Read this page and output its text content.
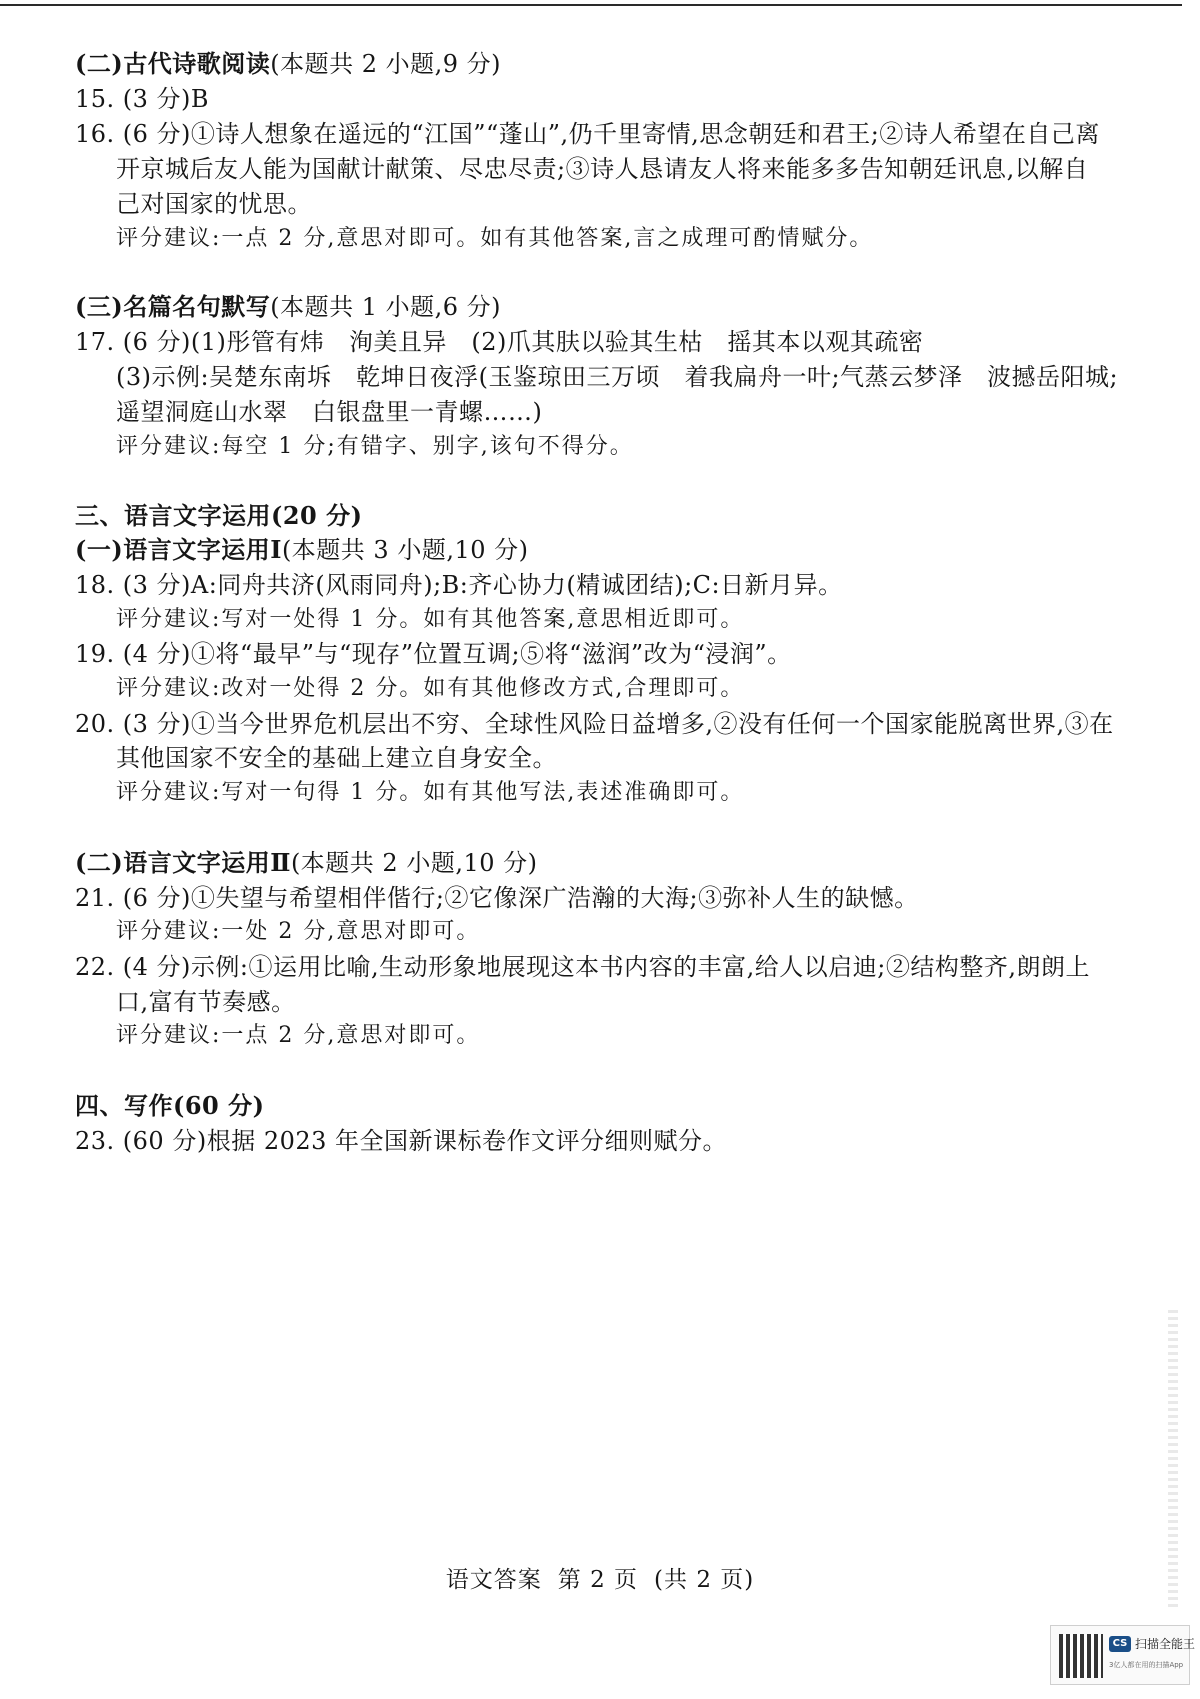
(二)古代诗歌阅读(本题共 2 小题,9 分)
15. (3 分)B
16. (6 分)①诗人想象在遥远的“江国”“蓬山”,仍千里寄情,思念朝廷和君王;②诗人希望在自己离
开京城后友人能为国献计献策、尽忠尽责;③诗人恳请友人将来能多多告知朝廷讯息,以解自
己对国家的忧思。
评分建议:一点 2 分,意思对即可。如有其他答案,言之成理可酌情赋分。
(三)名篇名句默写(本题共 1 小题,6 分)
17. (6 分)(1)彤管有炜　洵美且异　(2)爪其肤以验其生枯　摇其本以观其疏密
(3)示例:吴楚东南坼　乾坤日夜浮(玉鉴琼田三万顷　着我扁舟一叶;气蒸云梦泽　波撼岳阳城;
遥望洞庭山水翠　白银盘里一青螺……)
评分建议:每空 1 分;有错字、别字,该句不得分。
三、语言文字运用(20 分)
(一)语言文字运用Ⅰ(本题共 3 小题,10 分)
18. (3 分)A:同舟共济(风雨同舟);B:齐心协力(精诚团结);C:日新月异。
评分建议:写对一处得 1 分。如有其他答案,意思相近即可。
19. (4 分)①将“最早”与“现存”位置互调;⑤将“滋润”改为“浸润”。
评分建议:改对一处得 2 分。如有其他修改方式,合理即可。
20. (3 分)①当今世界危机层出不穷、全球性风险日益增多,②没有任何一个国家能脱离世界,③在
其他国家不安全的基础上建立自身安全。
评分建议:写对一句得 1 分。如有其他写法,表述准确即可。
(二)语言文字运用Ⅱ(本题共 2 小题,10 分)
21. (6 分)①失望与希望相伴偕行;②它像深广浩瀚的大海;③弥补人生的缺憾。
评分建议:一处 2 分,意思对即可。
22. (4 分)示例:①运用比喻,生动形象地展现这本书内容的丰富,给人以启迪;②结构整齐,朗朗上
口,富有节奏感。
评分建议:一点 2 分,意思对即可。
四、写作(60 分)
23. (60 分)根据 2023 年全国新课标卷作文评分细则赋分。
语文答案 第 2 页 (共 2 页)
CS 扫描全能王
3亿人都在用的扫描App
